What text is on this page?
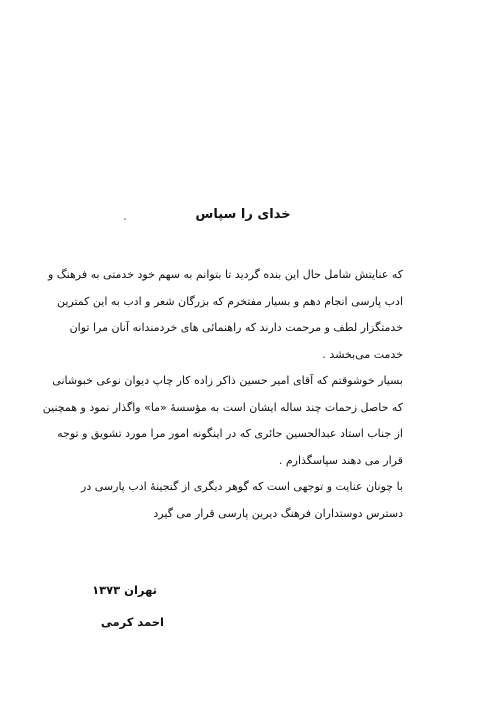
خدای را سپاس

که عنایتش شامل حال این بنده گردید تا بتوانم به سهم خود خدمتی به فرهنگ و
ادب پارسی انجام دهم و بسیار مفتخرم که بزرگان شعر و ادب به این کمترین
خدمتگزار لطف و مرحمت دارند که راهنمائی های خردمندانه آنان مرا توان
خدمت می‌بخشد .

بسیار خوشوقتم که آقای امیر حسین ذاکر زاده کار چاپ دیوان نوعی خبوشانی
که حاصل زحمات چند ساله ایشان است به مؤسسهٔ «ما» واگذار نمود و همچنین
از جناب استاد عبدالحسین حائری که در اینگونه امور مرا مورد تشویق و توجه
قرار می دهند سپاسگذارم .

با چونان عنایت و توجهی است که گوهر دیگری از گنجینهٔ ادب پارسی در
دسترس دوستداران فرهنگ دیرین پارسی قرار می گیرد

تهران ۱۳۷۳

احمد کرمی
